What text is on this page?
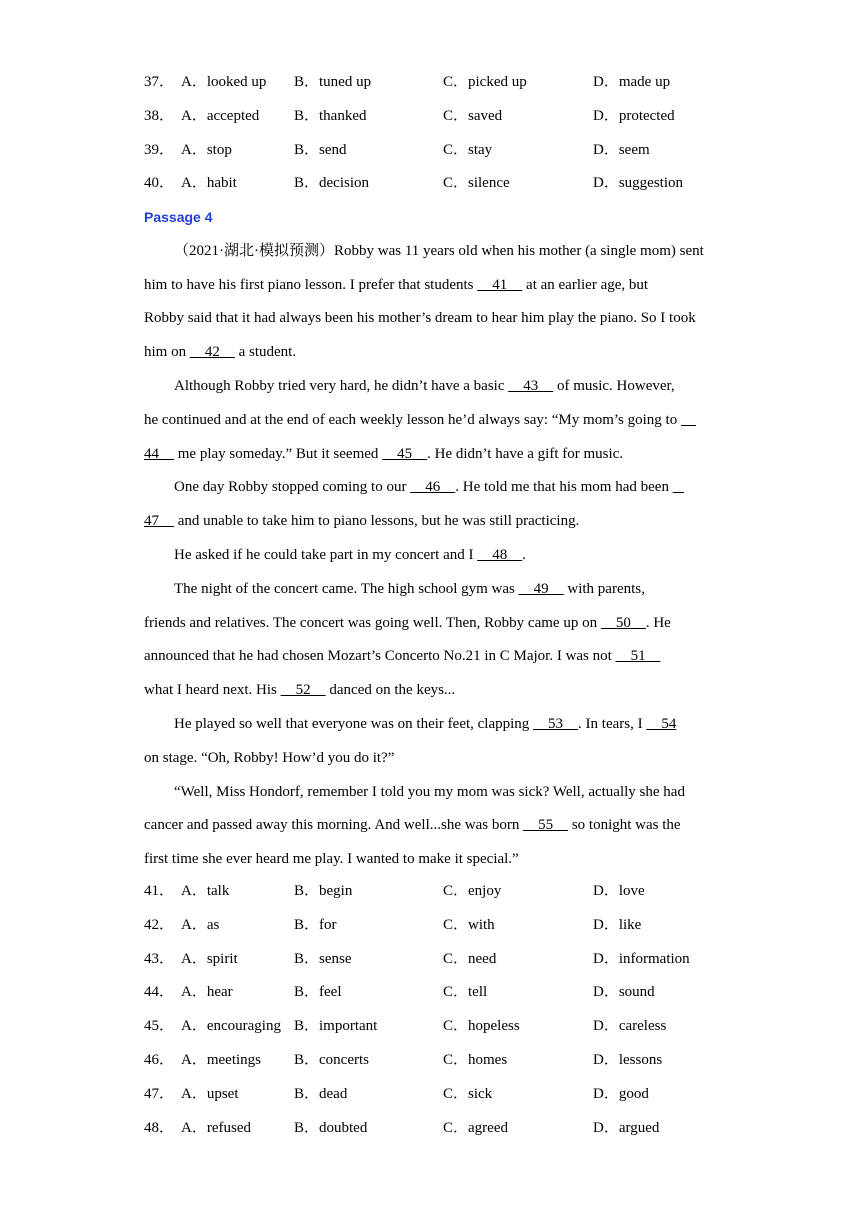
37． A．looked up B．tuned up	C．picked up	D．made up
38． A．accepted B．thanked	C．saved	D．protected
39． A．stop	B．send	C．stay	D．seem
40． A．habit	B．decision	C．silence	D．suggestion
Passage 4
（2021·湖北·模拟预测）Robby was 11 years old when his mother (a single mom) sent
him to have his first piano lesson. I prefer that students     41     at an earlier age, but
Robby said that it had always been his mother’s dream to hear him play the piano. So I took
him on     42     a student.
Although Robby tried very hard, he didn’t have a basic     43     of music. However,
he continued and at the end of each weekly lesson he’d always say: “My mom’s going to
44     me play someday.” But it seemed     45    . He didn’t have a gift for music.
One day Robby stopped coming to our     46    . He told me that his mom had been
47     and unable to take him to piano lessons, but he was still practicing.
He asked if he could take part in my concert and I     48    .
The night of the concert came. The high school gym was     49     with parents,
friends and relatives. The concert was going well. Then, Robby came up on     50    . He
announced that he had chosen Mozart’s Concerto No.21 in C Major. I was not     51
what I heard next. His     52     danced on the keys...
He played so well that everyone was on their feet, clapping     53    . In tears, I     54
on stage. “Oh, Robby! How’d you do it?”
“Well, Miss Hondorf, remember I told you my mom was sick? Well, actually she had
cancer and passed away this morning. And well...she was born     55     so tonight was the
first time she ever heard me play. I wanted to make it special.”
41． A．talk	B．begin	C．enjoy	D．love
42． A．as	B．for	C．with	D．like
43． A．spirit	B．sense	C．need	D．information
44． A．hear	B．feel	C．tell	D．sound
45． A．encouraging B．important	C．hopeless	D．careless
46． A．meetings B．concerts	C．homes	D．lessons
47． A．upset	B．dead	C．sick	D．good
48． A．refused	B．doubted	C．agreed	D．argued
